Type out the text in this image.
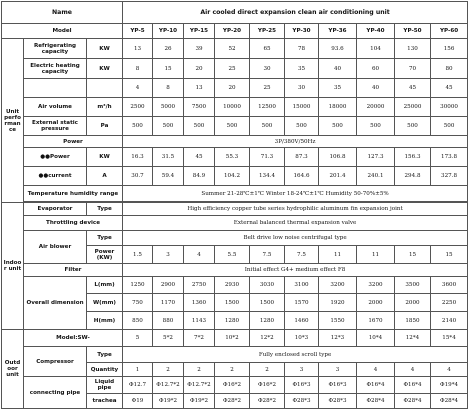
Name			Air cooled direct expansion clean air conditioning unit									
Model			YP-5	YP-10	YP-15	YP-20	YP-25	YP-30	YP-36	YP-40	YP-50	YP-60
Unit perfo rman ce	Refrigerating capacity	KW	13	26	39	52	65	78	93.6	104	130	156
	Electric heating capacity	KW	8	15	20	25	30	35	40	60	70	80
			4	8	13	20	25	30	35	40	45	45
	Air volume	m³/h	2500	5000	7500	10000	12500	15000	18000	20000	25000	30000
	External static pressure	Pa	500	500	500	500	500	500	500	500	500	500
	Power		3P/380V/50Hz									
	●●Power	KW	16.3	31.5	45	55.3	71.3	87.3	106.8	127.3	156.3	173.8
	●●current	A	30.7	59.4	84.9	104.2	134.4	164.6	201.4	240.1	294.8	327.8
	Temperature humidity range		Summer 21-28℃±1℃ Winter 18-24℃±1℃ Humidity 50-70%±5%									

Indoo r unit	Evaporator	Type	High efficiency copper tube series hydrophilic aluminum fin expansion joint									
	Throttling device		External balanced thermal expansion valve									
	Air blower	Type	Belt drive low noise centrifugal type									
		Power (KW)	1.5	3	4	5.5	7.5	7.5	11	11	15	15
	Filter		Initial effect G4+ medium effect F8									
	Overall dimension	L(mm)	1250	2900	2750	2930	3030	3100	3200	3200	3500	3600
		W(mm)	750	1170	1360	1500	1500	1570	1920	2000	2000	2250
		H(mm)	850	880	1143	1280	1280	1460	1550	1670	1850	2140
Outd oor unit	Model:SW-		5	5*2	7*2	10*2	12*2	10*3	12*3	10*4	12*4	15*4
	Compressor	Type	Fully enclosed scroll type									
		Quantity	1	2	2	2	2	3	3	4	4	4
	connecting pipe	Liquid pipe	Φ12.7	Φ12.7*2	Φ12.7*2	Φ16*2	Φ16*2	Φ16*3	Φ16*3	Φ16*4	Φ16*4	Φ19*4
		trachea	Φ19	Φ19*2	Φ19*2	Φ28*2	Φ28*2	Φ28*3	Φ28*3	Φ28*4	Φ28*4	Φ28*4
